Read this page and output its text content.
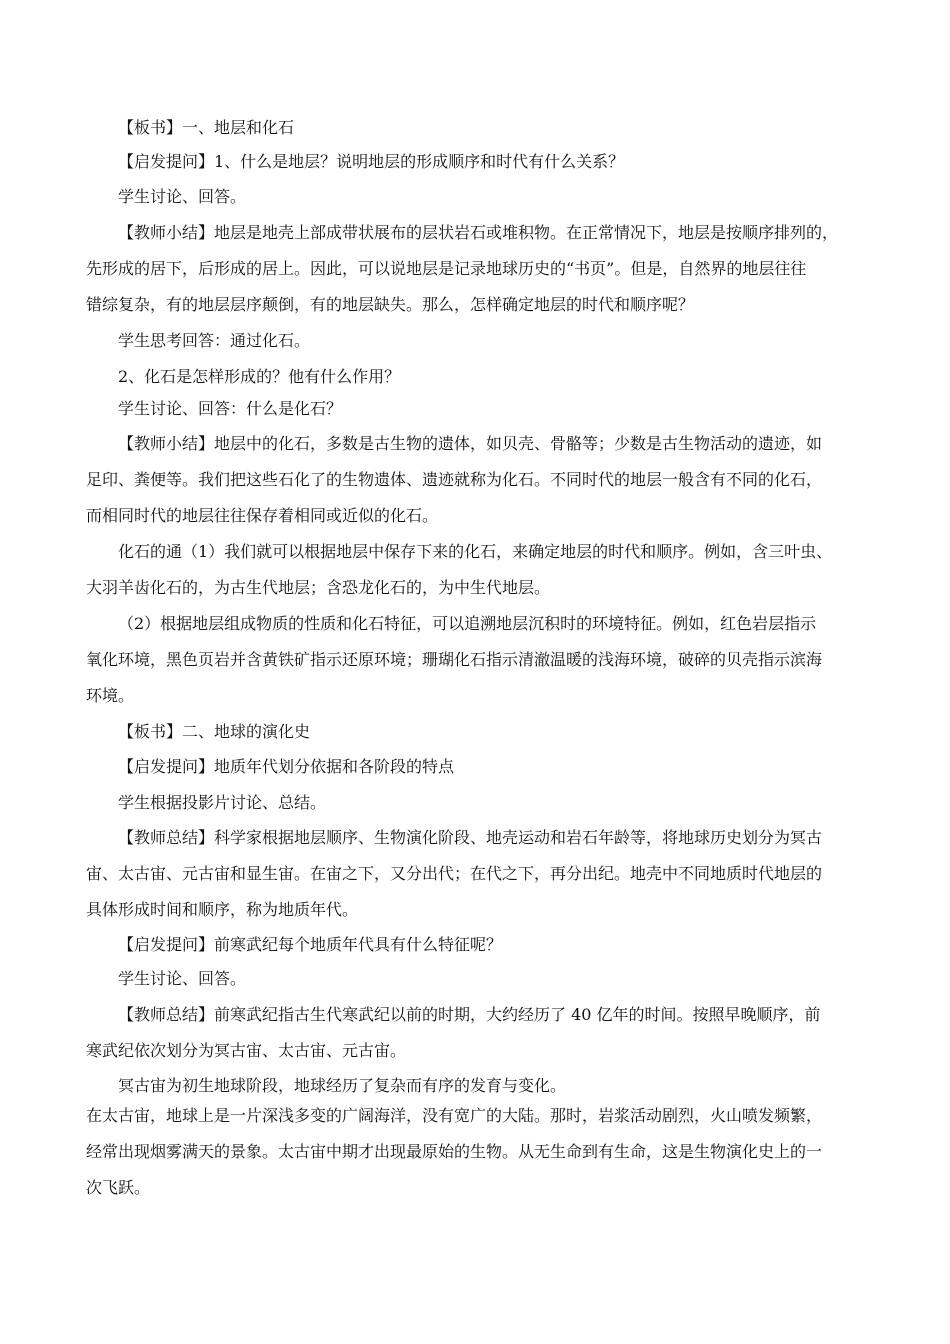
【板书】一、地层和化石
【启发提问】1、什么是地层？说明地层的形成顺序和时代有什么关系？
学生讨论、回答。
【教师小结】地层是地壳上部成带状展布的层状岩石或堆积物。在正常情况下，地层是按顺序排列的，
先形成的居下，后形成的居上。因此，可以说地层是记录地球历史的“书页”。但是，自然界的地层往往
错综复杂，有的地层层序颠倒，有的地层缺失。那么，怎样确定地层的时代和顺序呢？
学生思考回答：通过化石。
2、化石是怎样形成的？他有什么作用？
学生讨论、回答：什么是化石？
【教师小结】地层中的化石，多数是古生物的遗体，如贝壳、骨骼等；少数是古生物活动的遗迹，如
足印、粪便等。我们把这些石化了的生物遗体、遗迹就称为化石。不同时代的地层一般含有不同的化石，
而相同时代的地层往往保存着相同或近似的化石。
化石的通（1）我们就可以根据地层中保存下来的化石，来确定地层的时代和顺序。例如，含三叶虫、
大羽羊齿化石的，为古生代地层；含恐龙化石的，为中生代地层。
（2）根据地层组成物质的性质和化石特征，可以追溯地层沉积时的环境特征。例如，红色岩层指示
氧化环境，黑色页岩并含黄铁矿指示还原环境；珊瑚化石指示清澈温暖的浅海环境，破碎的贝壳指示滨海
环境。
【板书】二、地球的演化史
【启发提问】地质年代划分依据和各阶段的特点
学生根据投影片讨论、总结。
【教师总结】科学家根据地层顺序、生物演化阶段、地壳运动和岩石年龄等，将地球历史划分为冥古
宙、太古宙、元古宙和显生宙。在宙之下，又分出代；在代之下，再分出纪。地壳中不同地质时代地层的
具体形成时间和顺序，称为地质年代。
【启发提问】前寒武纪每个地质年代具有什么特征呢？
学生讨论、回答。
【教师总结】前寒武纪指古生代寒武纪以前的时期，大约经历了 40 亿年的时间。按照早晚顺序，前
寒武纪依次划分为冥古宙、太古宙、元古宙。
冥古宙为初生地球阶段，地球经历了复杂而有序的发育与变化。
在太古宙，地球上是一片深浅多变的广阔海洋，没有宽广的大陆。那时，岩浆活动剧烈，火山喷发频繁，
经常出现烟雾满天的景象。太古宙中期才出现最原始的生物。从无生命到有生命，这是生物演化史上的一
次飞跃。
